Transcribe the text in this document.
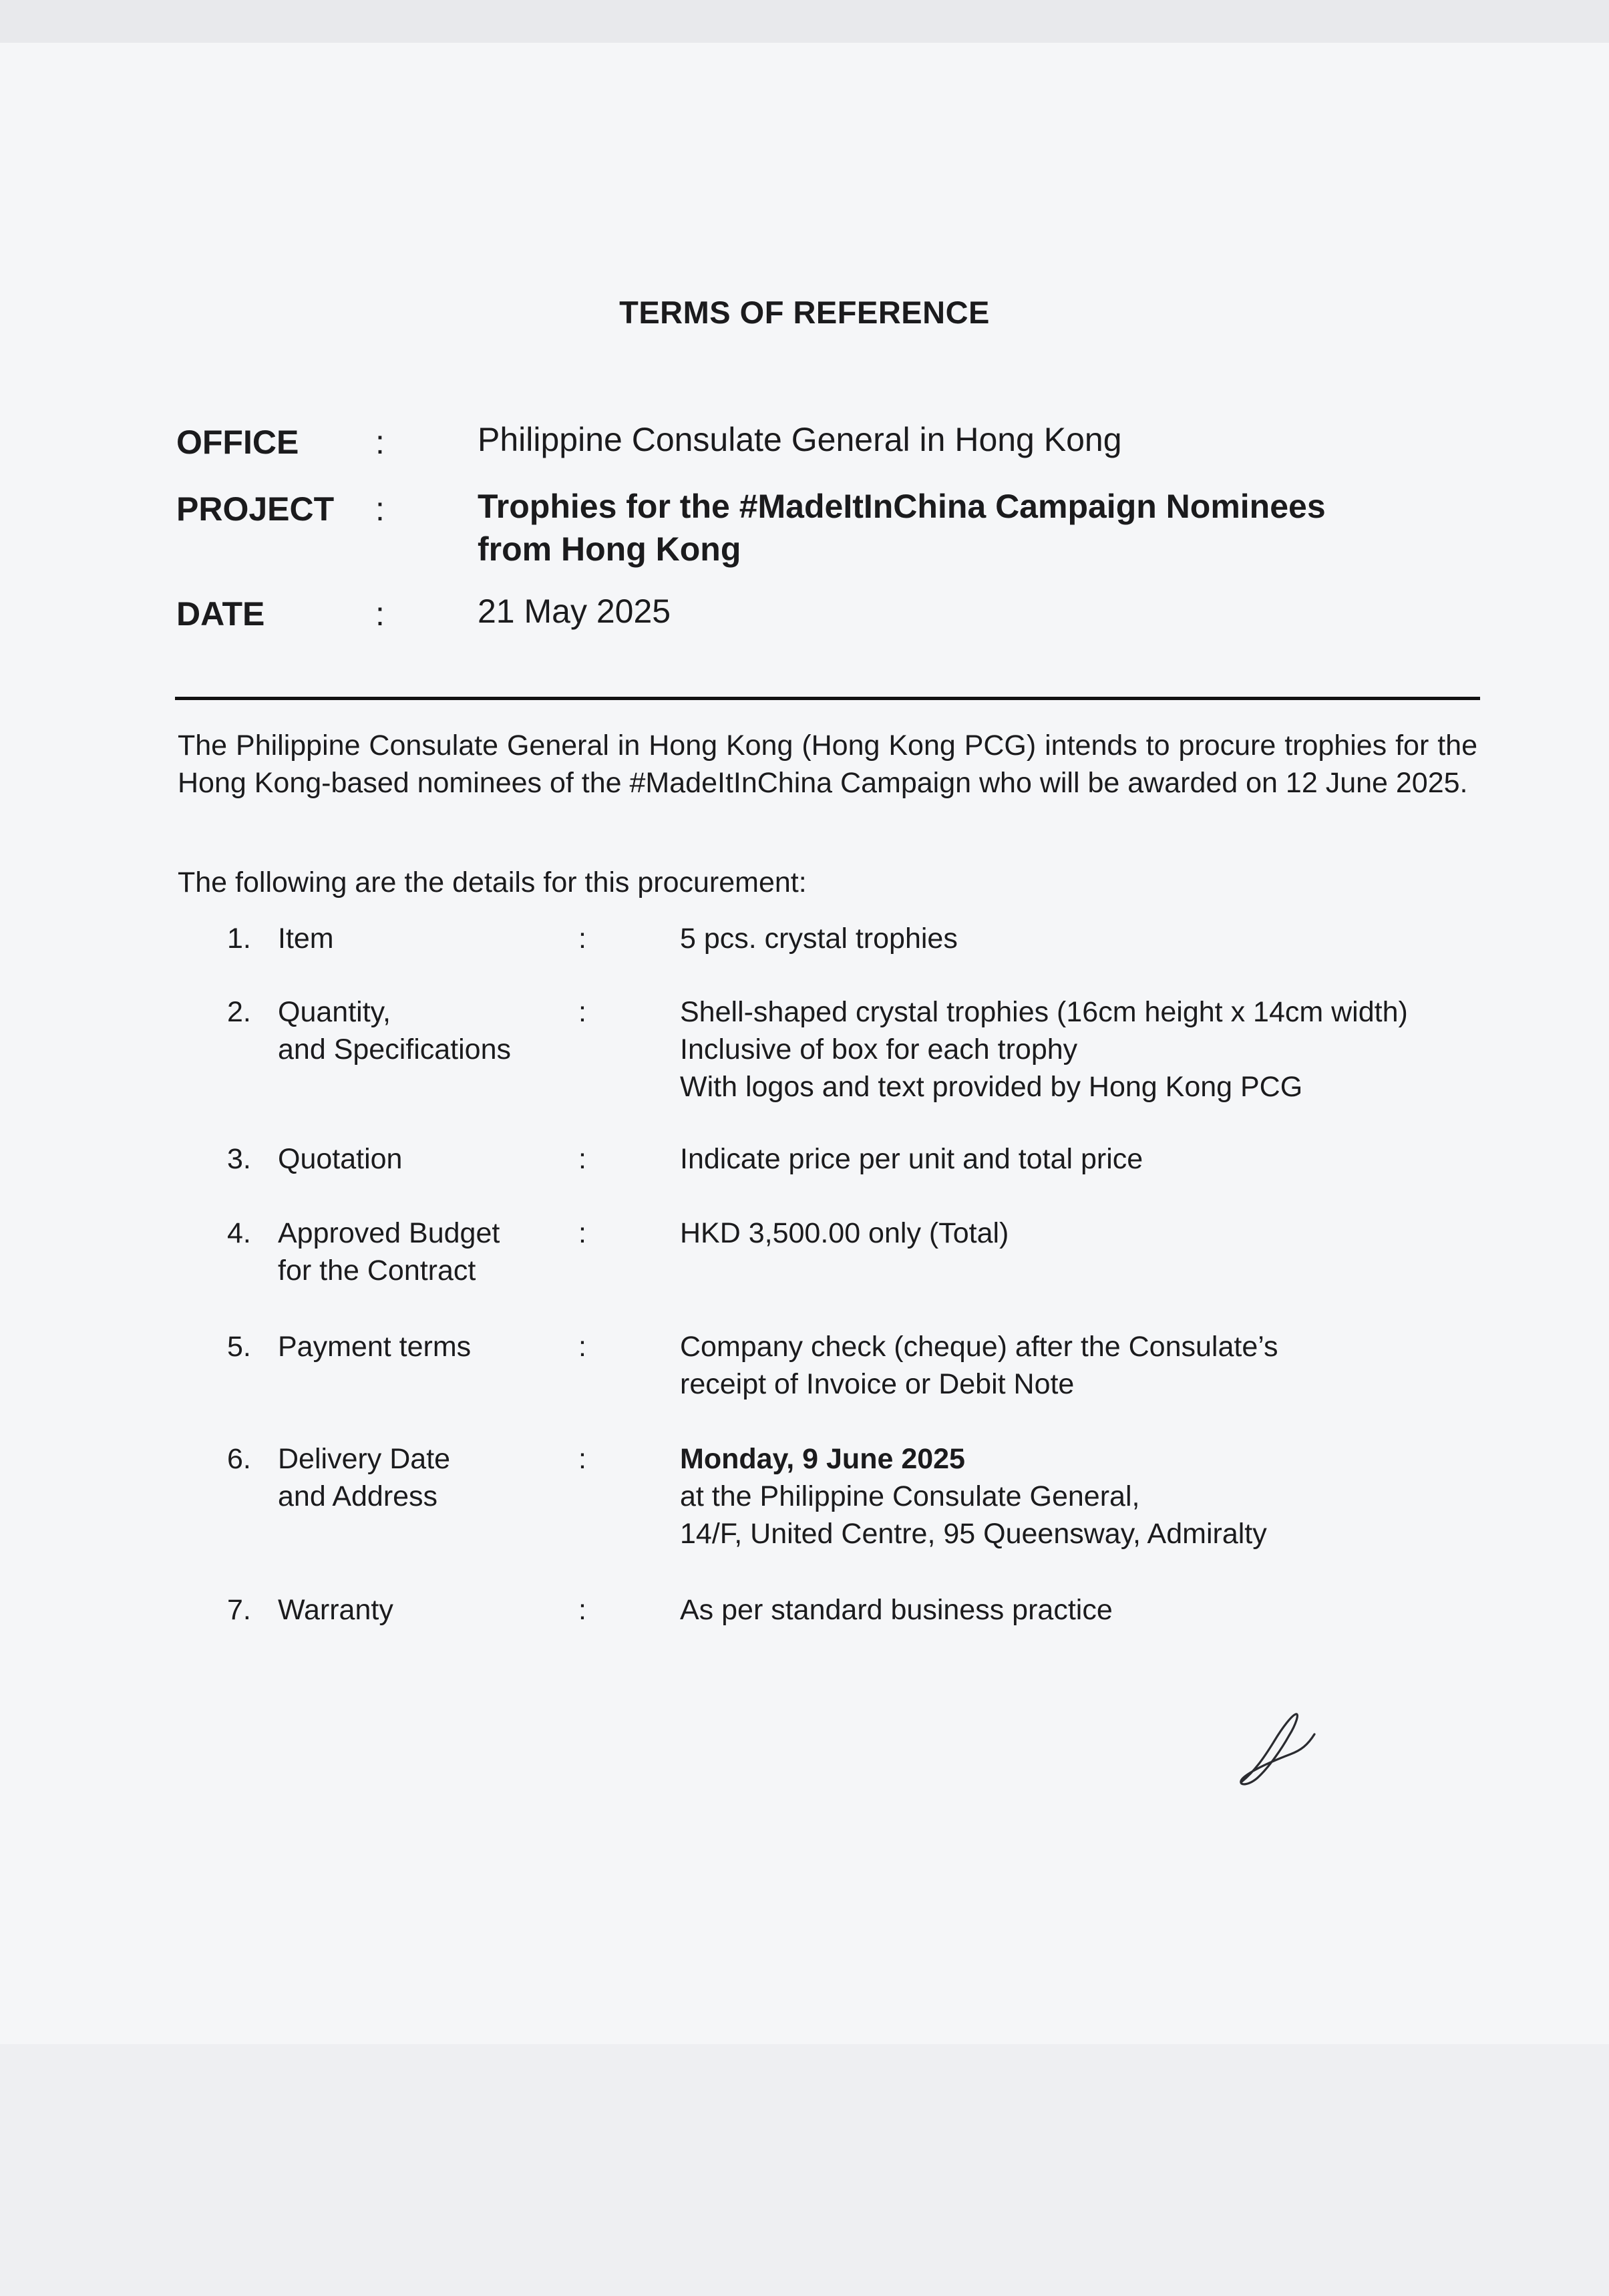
TERMS OF REFERENCE
OFFICE :	Philippine Consulate General in Hong Kong
PROJECT :	Trophies for the #MadeItInChina Campaign Nominees
from Hong Kong
DATE	:	21 May 2025
The Philippine Consulate General in Hong Kong (Hong Kong PCG) intends to procure trophies for the Hong Kong-based nominees of the #MadeItInChina Campaign who will be awarded on 12 June 2025.
The following are the details for this procurement:
1. Item	:	5 pcs. crystal trophies
2. Quantity,
and Specifications
:	Shell-shaped crystal trophies (16cm height x 14cm width)
Inclusive of box for each trophy
With logos and text provided by Hong Kong PCG
3. Quotation	:	Indicate price per unit and total price
4. Approved Budget
for the Contract
:	HKD 3,500.00 only (Total)
5. Payment terms	:	Company check (cheque) after the Consulate’s
receipt of Invoice or Debit Note
6. Delivery Date
and Address
:	Monday, 9 June 2025
at the Philippine Consulate General,
14/F, United Centre, 95 Queensway, Admiralty
7. Warranty	:	As per standard business practice
